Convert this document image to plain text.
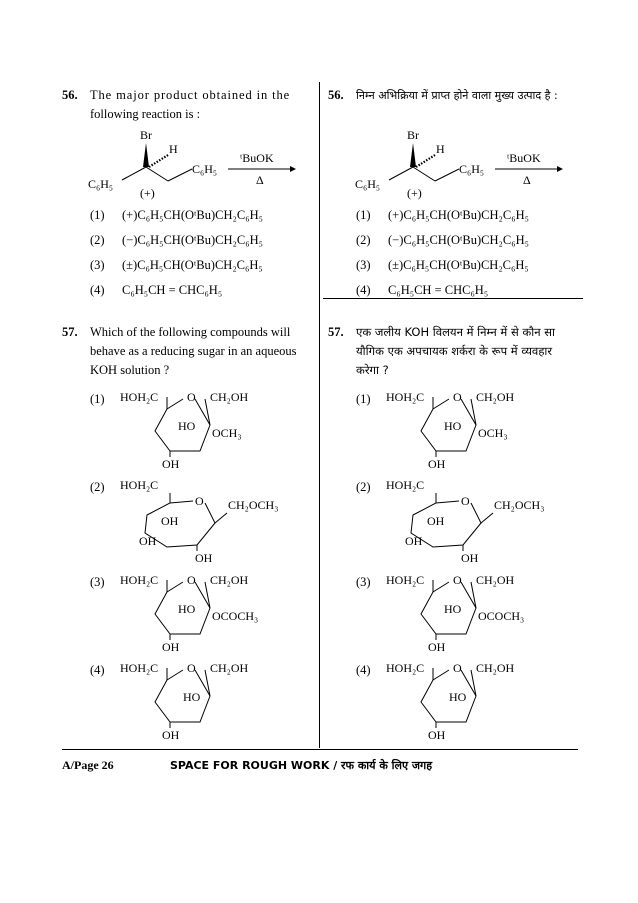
56. The major product obtained in the
following reaction is :
Br
H
C₆H₅
C₆H₅
(+)
ᵗBuOK
Δ
(1) (+)C₆H₅CH(OᵗBu)CH₂C₆H₅
(2) (−)C₆H₅CH(OᵗBu)CH₂C₆H₅
(3) (±)C₆H₅CH(OᵗBu)CH₂C₆H₅
(4) C₆H₅CH = CHC₆H₅
57. Which of the following compounds will
behave as a reducing sugar in an aqueous
KOH solution ?
(1)	HOH₂C O CH₂OH
HO OCH₃
OH
(2)	HOH₂C
O CH₂OCH₃
OH
OH
OH
(3)	HOH₂C O CH₂OH
HO OCOCH₃
OH
(4)	HOH₂C O CH₂OH
HO
OH
56. निम्न अभिक्रिया में प्राप्त होने वाला मुख्य उत्पाद है :
Br
H
C₆H₅
C₆H₅
(+)
ᵗBuOK
Δ
(1) (+)C₆H₅CH(OᵗBu)CH₂C₆H₅
(2) (−)C₆H₅CH(OᵗBu)CH₂C₆H₅
(3) (±)C₆H₅CH(OᵗBu)CH₂C₆H₅
(4) C₆H₅CH = CHC₆H₅
57. एक जलीय KOH विलयन में निम्न में से कौन सा
यौगिक एक अपचायक शर्करा के रूप में व्यवहार
करेगा ?
(1)	HOH₂C O CH₂OH
HO OCH₃
OH
(2)	HOH₂C
O CH₂OCH₃
OH
OH
OH
(3)	HOH₂C O CH₂OH
HO OCOCH₃
OH
(4)	HOH₂C O CH₂OH
HO
OH
A/Page 26	SPACE FOR ROUGH WORK / रफ कार्य के लिए जगह
